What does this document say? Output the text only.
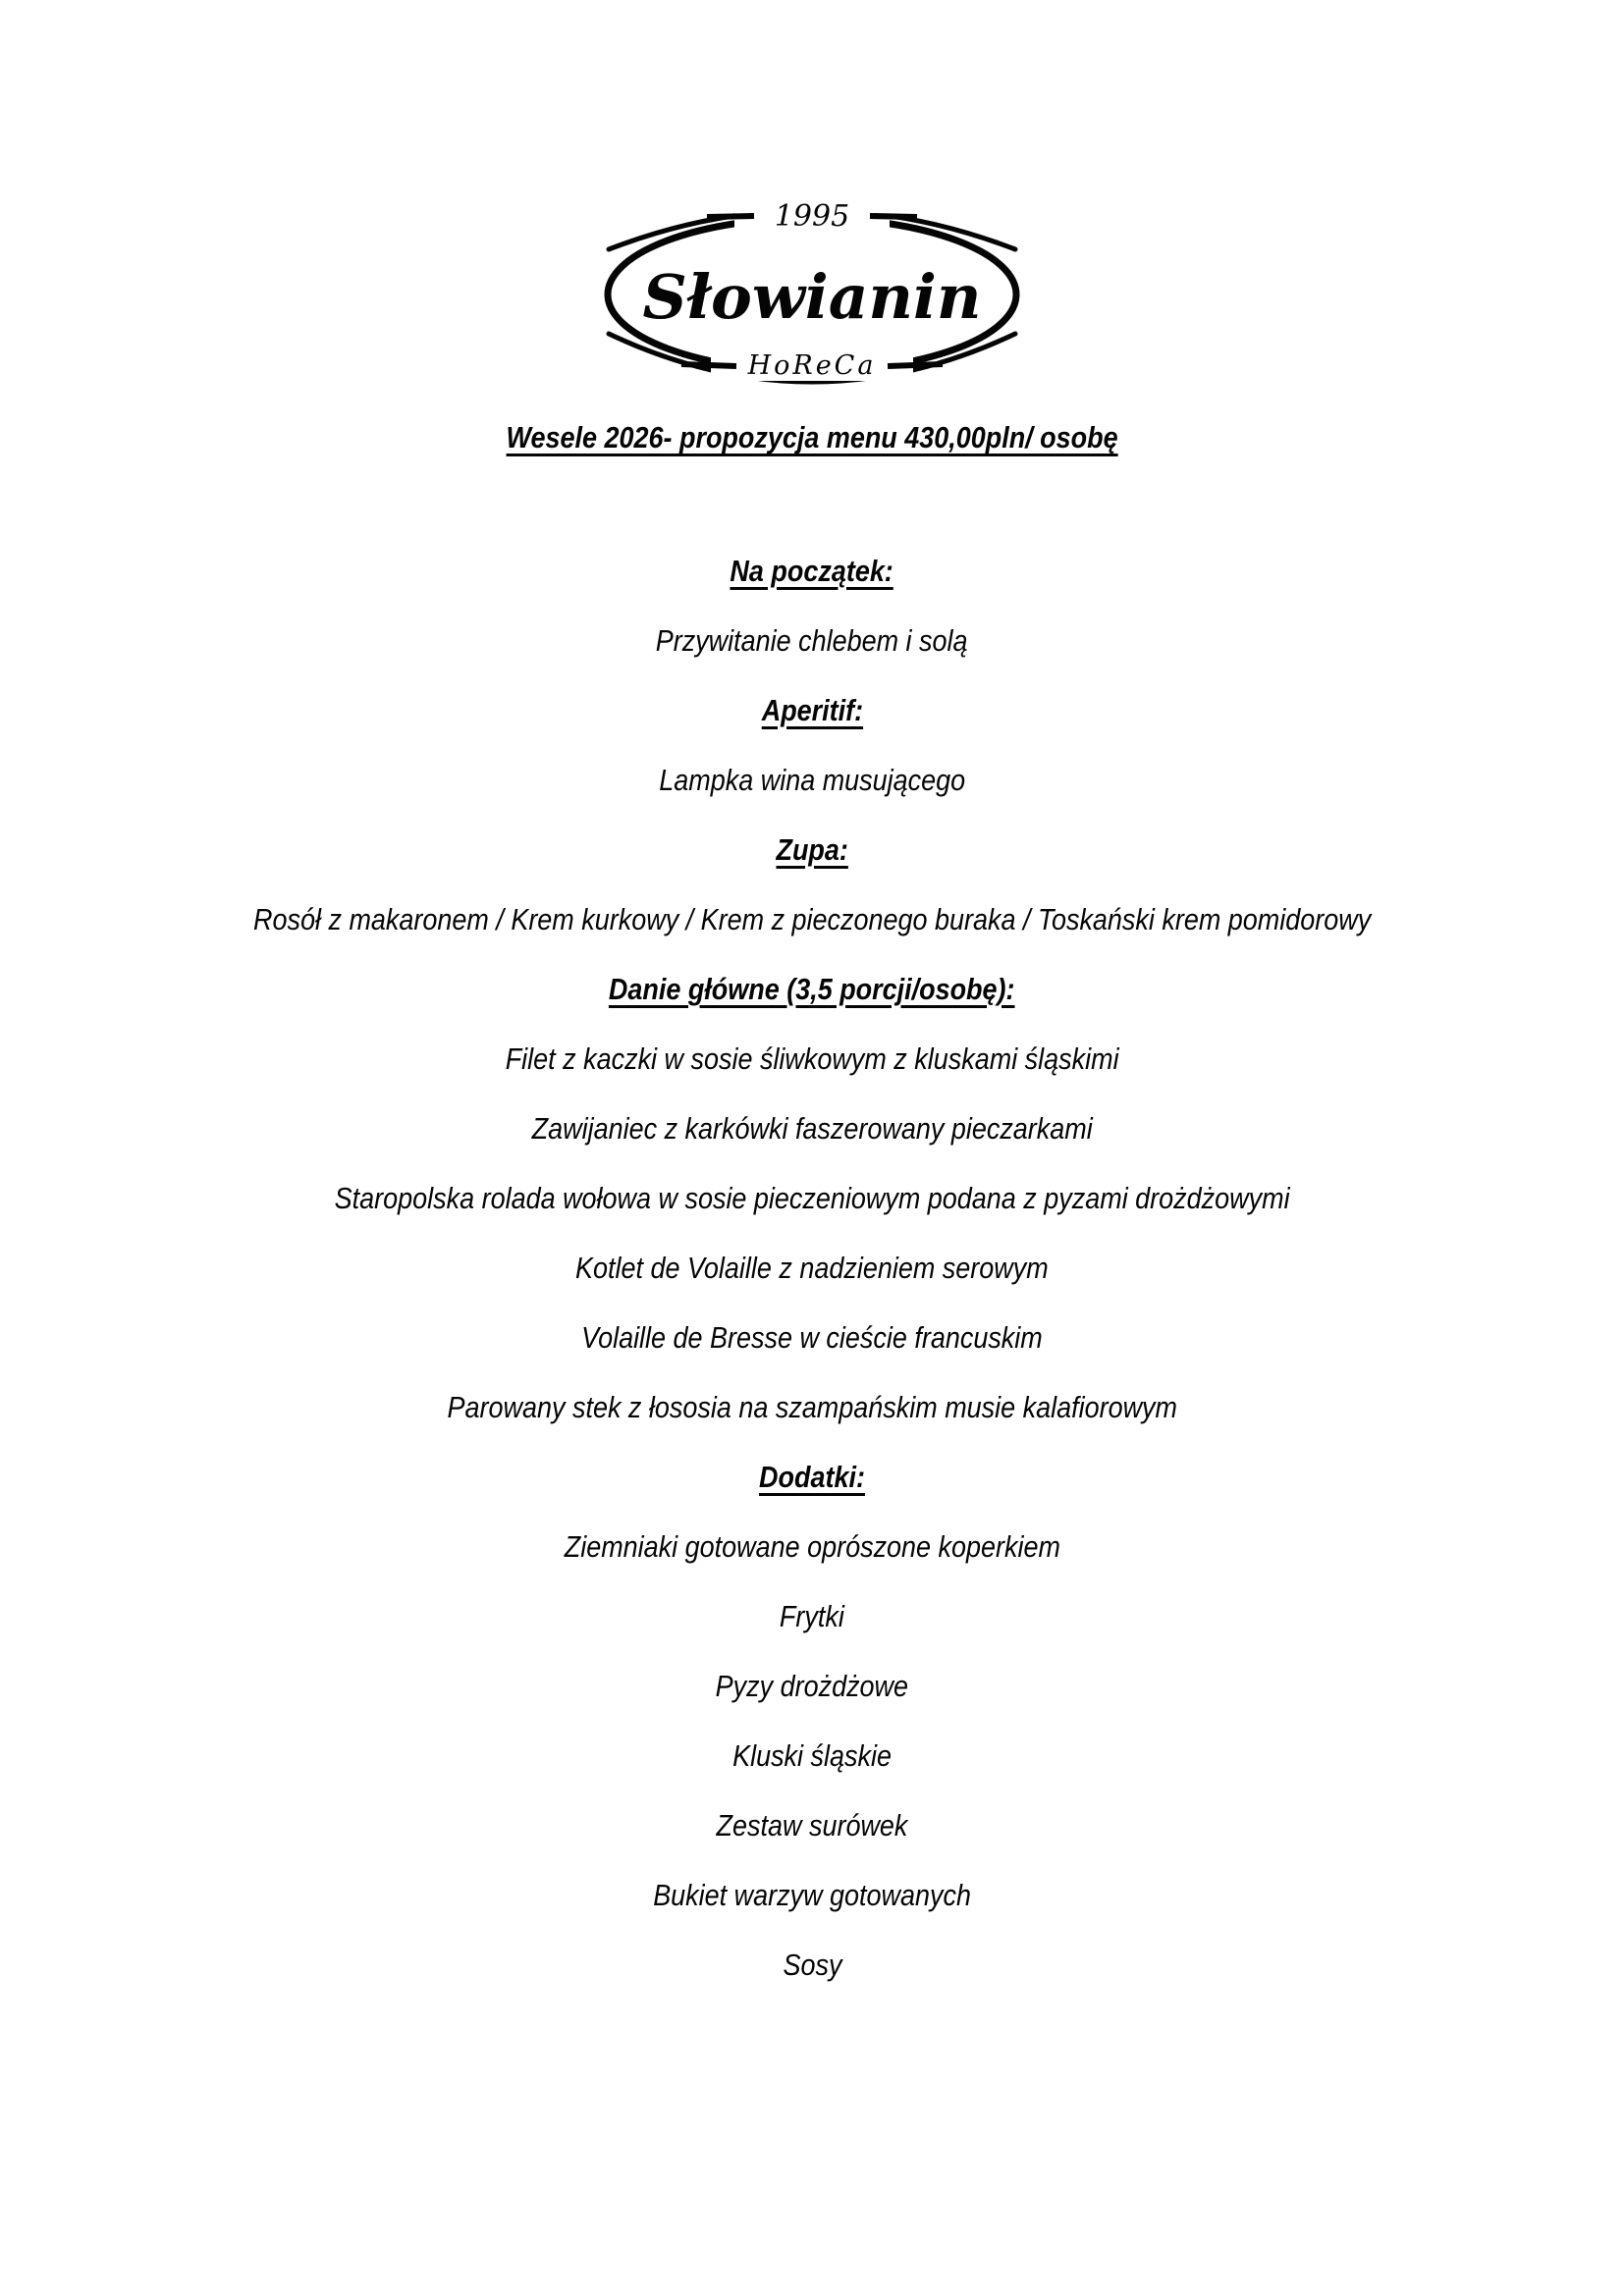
1995
Słowianin
HoReCa
Wesele 2026- propozycja menu 430,00pln/ osobę
Na początek:
Przywitanie chlebem i solą
Aperitif:
Lampka wina musującego
Zupa:
Rosół z makaronem / Krem kurkowy / Krem z pieczonego buraka / Toskański krem pomidorowy
Danie główne (3,5 porcji/osobę):
Filet z kaczki w sosie śliwkowym z kluskami śląskimi
Zawijaniec z karkówki faszerowany pieczarkami
Staropolska rolada wołowa w sosie pieczeniowym podana z pyzami drożdżowymi
Kotlet de Volaille z nadzieniem serowym
Volaille de Bresse w cieście francuskim
Parowany stek z łososia na szampańskim musie kalafiorowym
Dodatki:
Ziemniaki gotowane oprószone koperkiem
Frytki
Pyzy drożdżowe
Kluski śląskie
Zestaw surówek
Bukiet warzyw gotowanych
Sosy
